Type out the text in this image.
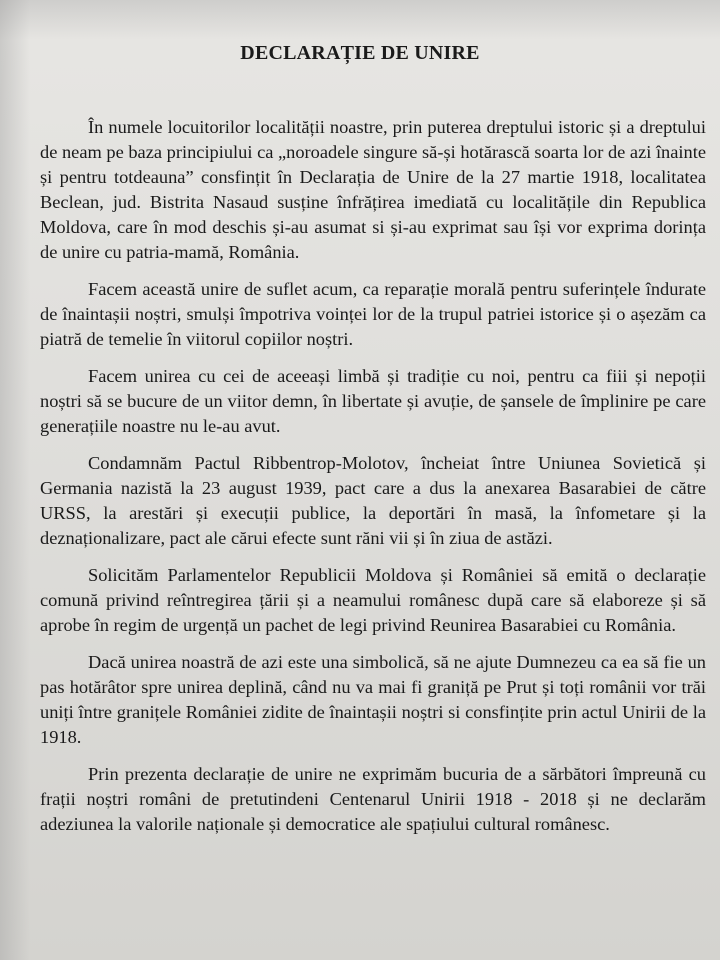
DECLARAȚIE DE UNIRE

În numele locuitorilor localității noastre, prin puterea dreptului istoric și a dreptului de neam pe baza principiului ca „noroadele singure să-și hotărască soarta lor de azi înainte și pentru totdeauna” consfințit în Declarația de Unire de la 27 martie 1918, localitatea Beclean, jud. Bistrita Nasaud susține înfrățirea imediată cu localitățile din Republica Moldova, care în mod deschis și-au asumat si și-au exprimat sau își vor exprima dorința de unire cu patria-mamă, România.

Facem această unire de suflet acum, ca reparație morală pentru suferințele îndurate de înaintașii noștri, smulși împotriva voinței lor de la trupul patriei istorice și o așezăm ca piatră de temelie în viitorul copiilor noștri.

Facem unirea cu cei de aceeași limbă și tradiție cu noi, pentru ca fiii și nepoții noștri să se bucure de un viitor demn, în libertate și avuție, de șansele de împlinire pe care generațiile noastre nu le-au avut.

Condamnăm Pactul Ribbentrop-Molotov, încheiat între Uniunea Sovietică și Germania nazistă la 23 august 1939, pact care a dus la anexarea Basarabiei de către URSS, la arestări și execuții publice, la deportări în masă, la înfometare și la deznaționalizare, pact ale cărui efecte sunt răni vii și în ziua de astăzi.

Solicităm Parlamentelor Republicii Moldova și României să emită o declarație comună privind reîntregirea țării și a neamului românesc după care să elaboreze și să aprobe în regim de urgență un pachet de legi privind Reunirea Basarabiei cu România.

Dacă unirea noastră de azi este una simbolică, să ne ajute Dumnezeu ca ea să fie un pas hotărâtor spre unirea deplină, când nu va mai fi graniță pe Prut și toți românii vor trăi uniți între granițele României zidite de înaintașii noștri si consfințite prin actul Unirii de la 1918.

Prin prezenta declarație de unire ne exprimăm bucuria de a sărbători împreună cu frații noștri români de pretutindeni Centenarul Unirii 1918 - 2018 și ne declarăm adeziunea la valorile naționale și democratice ale spațiului cultural românesc.
